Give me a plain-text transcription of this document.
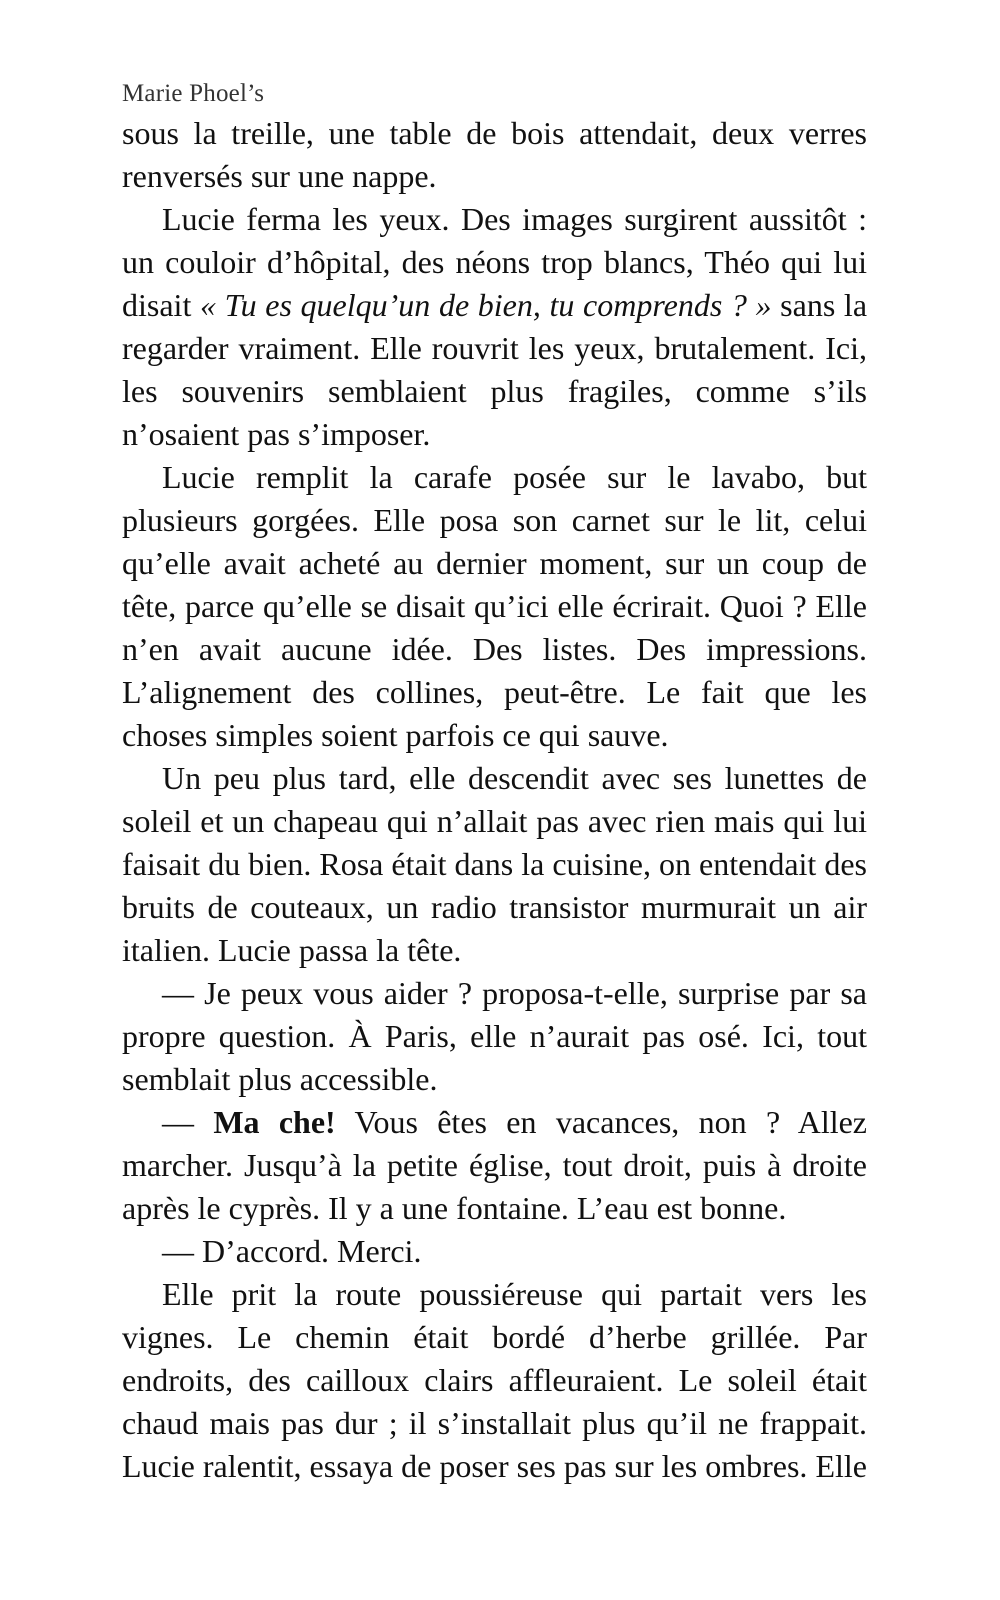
Marie Phoel’s

sous la treille, une table de bois attendait, deux verres renversés sur une nappe.

Lucie ferma les yeux. Des images surgirent aussitôt : un couloir d’hôpital, des néons trop blancs, Théo qui lui disait « Tu es quelqu’un de bien, tu comprends ? » sans la regarder vraiment. Elle rouvrit les yeux, brutalement. Ici, les souvenirs semblaient plus fragiles, comme s’ils n’osaient pas s’imposer.

Lucie remplit la carafe posée sur le lavabo, but plusieurs gorgées. Elle posa son carnet sur le lit, celui qu’elle avait acheté au dernier moment, sur un coup de tête, parce qu’elle se disait qu’ici elle écrirait. Quoi ? Elle n’en avait aucune idée. Des listes. Des impressions. L’alignement des collines, peut-être. Le fait que les choses simples soient parfois ce qui sauve.

Un peu plus tard, elle descendit avec ses lunettes de soleil et un chapeau qui n’allait pas avec rien mais qui lui faisait du bien. Rosa était dans la cuisine, on entendait des bruits de couteaux, un radio transistor murmurait un air italien. Lucie passa la tête.

— Je peux vous aider ? proposa-t-elle, surprise par sa propre question. À Paris, elle n’aurait pas osé. Ici, tout semblait plus accessible.

— Ma che! Vous êtes en vacances, non ? Allez marcher. Jusqu’à la petite église, tout droit, puis à droite après le cyprès. Il y a une fontaine. L’eau est bonne.

— D’accord. Merci.

Elle prit la route poussiéreuse qui partait vers les vignes. Le chemin était bordé d’herbe grillée. Par endroits, des cailloux clairs affleuraient. Le soleil était chaud mais pas dur ; il s’installait plus qu’il ne frappait. Lucie ralentit, essaya de poser ses pas sur les ombres. Elle
